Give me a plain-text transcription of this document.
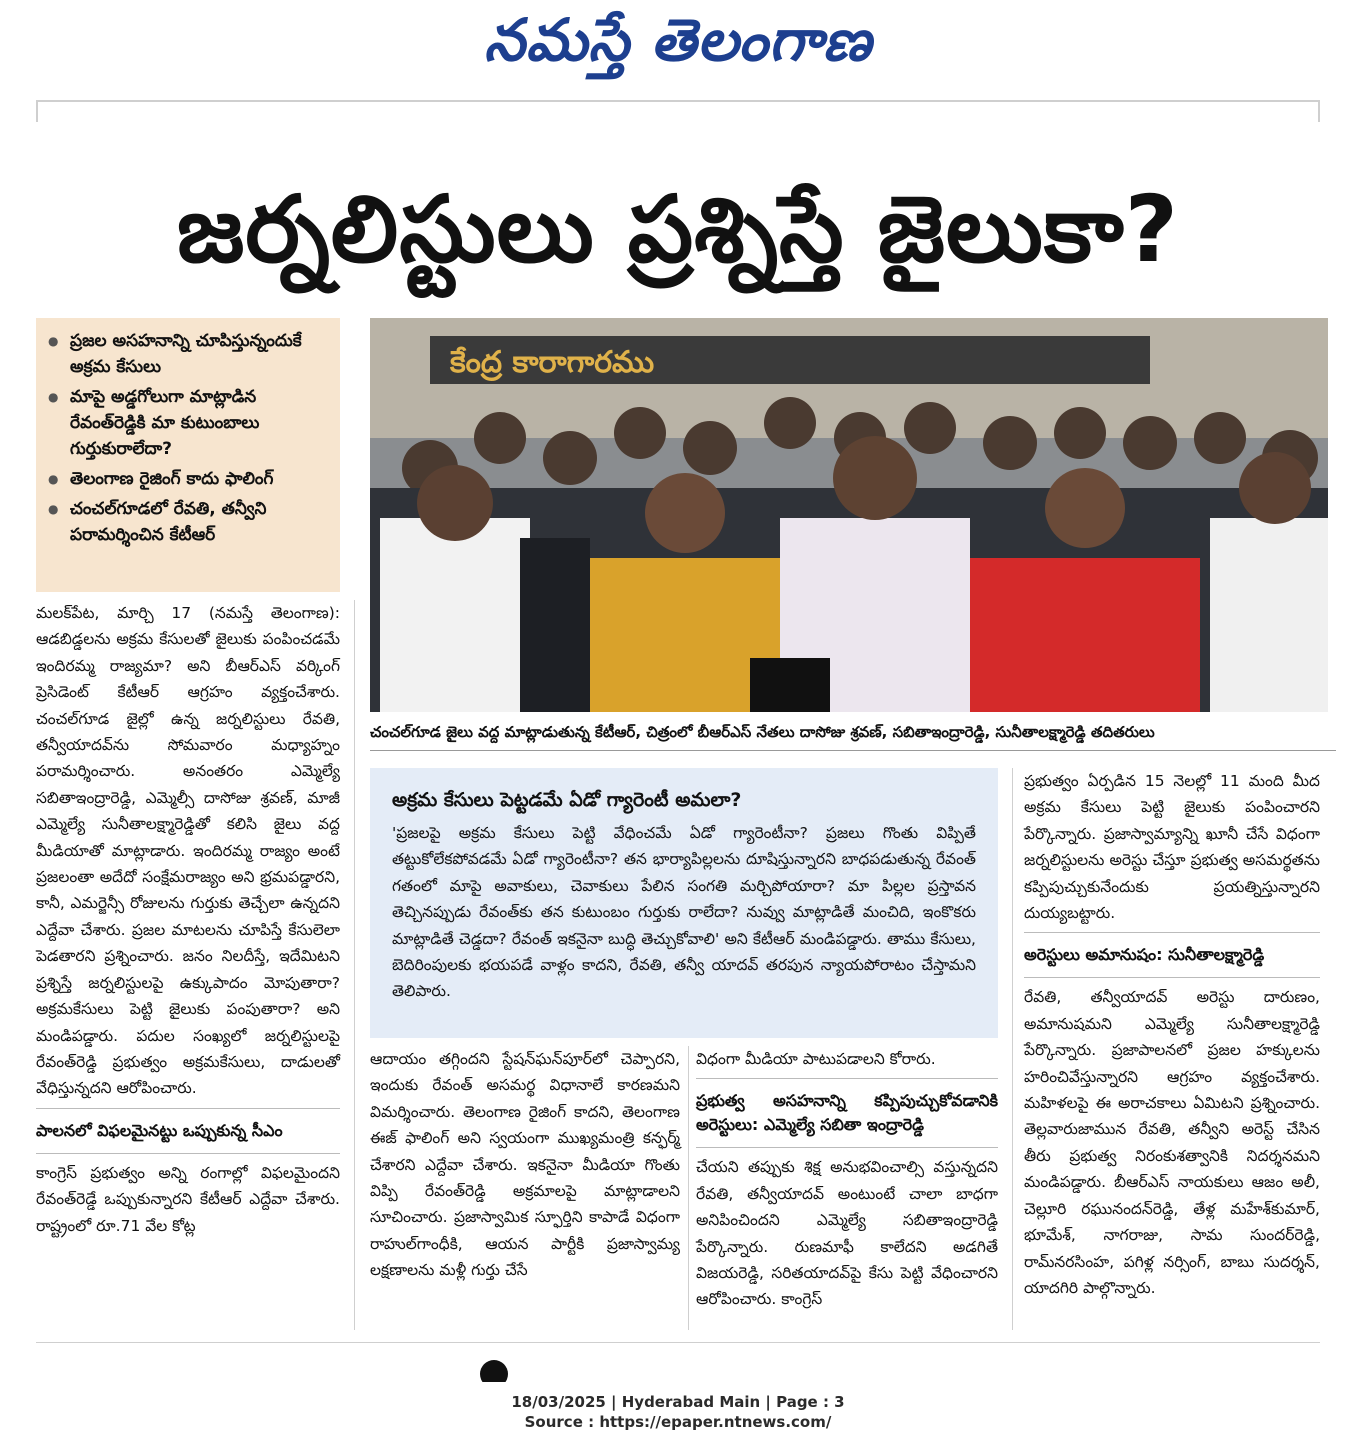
నమస్తే తెలంగాణ
జర్నలిస్టులు ప్రశ్నిస్తే జైలుకా?
● ప్రజల అసహనాన్ని చూపిస్తున్నందుకే అక్రమ కేసులు
● మాపై అడ్డగోలుగా మాట్లాడిన రేవంత్‌రెడ్డికి మా కుటుంబాలు గుర్తుకురాలేదా?
● తెలంగాణ రైజింగ్ కాదు ఫాలింగ్
● చంచల్‌గూడలో రేవతి, తన్వీని పరామర్శించిన కేటీఆర్
కేంద్ర కారాగారము
చంచల్‌గూడ జైలు వద్ద మాట్లాడుతున్న కేటీఆర్, చిత్రంలో బీఆర్‌ఎస్ నేతలు దాసోజు శ్రవణ్, సబితాఇంద్రారెడ్డి, సునీతాలక్ష్మారెడ్డి తదితరులు
మలక్‌పేట, మార్చి 17 (నమస్తే తెలంగాణ): ఆడబిడ్డలను అక్రమ కేసులతో జైలుకు పంపించడమే ఇందిరమ్మ రాజ్యమా? అని బీఆర్‌ఎస్ వర్కింగ్ ప్రెసిడెంట్ కేటీఆర్ ఆగ్రహం వ్యక్తంచేశారు. చంచల్‌గూడ జైల్లో ఉన్న జర్నలిస్టులు రేవతి, తన్వీయాదవ్‌ను సోమవారం మధ్యాహ్నం పరామర్శించారు. అనంతరం ఎమ్మెల్యే సబితాఇంద్రారెడ్డి, ఎమ్మెల్సీ దాసోజు శ్రవణ్, మాజీ ఎమ్మెల్యే సునీతాలక్ష్మారెడ్డితో కలిసి జైలు వద్ద మీడియాతో మాట్లాడారు. ఇందిరమ్మ రాజ్యం అంటే ప్రజలంతా అదేదో సంక్షేమరాజ్యం అని భ్రమపడ్డారని, కానీ, ఎమర్జెన్సీ రోజులను గుర్తుకు తెచ్చేలా ఉన్నదని ఎద్దేవా చేశారు. ప్రజల మాటలను చూపిస్తే కేసులెలా పెడతారని ప్రశ్నించారు. జనం నిలదీస్తే, ఇదేమిటని ప్రశ్నిస్తే జర్నలిస్టులపై ఉక్కుపాదం మోపుతారా? అక్రమకేసులు పెట్టి జైలుకు పంపుతారా? అని మండిపడ్డారు. పదుల సంఖ్యలో జర్నలిస్టులపై రేవంత్‌రెడ్డి ప్రభుత్వం అక్రమకేసులు, దాడులతో వేధిస్తున్నదని ఆరోపించారు.
పాలనలో విఫలమైనట్టు ఒప్పుకున్న సీఎం
కాంగ్రెస్ ప్రభుత్వం అన్ని రంగాల్లో విఫలమైందని రేవంత్‌రెడ్డే ఒప్పుకున్నారని కేటీఆర్ ఎద్దేవా చేశారు. రాష్ట్రంలో రూ.71 వేల కోట్ల
అక్రమ కేసులు పెట్టడమే ఏడో గ్యారెంటీ అమలా?
'ప్రజలపై అక్రమ కేసులు పెట్టి వేధించమే ఏడో గ్యారెంటీనా? ప్రజలు గొంతు విప్పితే తట్టుకోలేకపోవడమే ఏడో గ్యారెంటీనా? తన భార్యాపిల్లలను దూషిస్తున్నారని బాధపడుతున్న రేవంత్ గతంలో మాపై అవాకులు, చెవాకులు పేలిన సంగతి మర్చిపోయారా? మా పిల్లల ప్రస్తావన తెచ్చినప్పుడు రేవంత్‌కు తన కుటుంబం గుర్తుకు రాలేదా? నువ్వు మాట్లాడితే మంచిది, ఇంకొకరు మాట్లాడితే చెడ్డదా? రేవంత్ ఇకనైనా బుద్ధి తెచ్చుకోవాలి' అని కేటీఆర్ మండిపడ్డారు. తాము కేసులు, బెదిరింపులకు భయపడే వాళ్లం కాదని, రేవతి, తన్వీ యాదవ్ తరపున న్యాయపోరాటం చేస్తామని తెలిపారు.
ఆదాయం తగ్గిందని స్టేషన్‌ఘన్‌పూర్‌లో చెప్పారని, ఇందుకు రేవంత్ అసమర్థ విధానాలే కారణమని విమర్శించారు. తెలంగాణ రైజింగ్ కాదని, తెలంగాణ ఈజ్ ఫాలింగ్ అని స్వయంగా ముఖ్యమంత్రి కన్ఫర్మ్ చేశారని ఎద్దేవా చేశారు. ఇకనైనా మీడియా గొంతు విప్పి రేవంత్‌రెడ్డి అక్రమాలపై మాట్లాడాలని సూచించారు. ప్రజాస్వామిక స్ఫూర్తిని కాపాడే విధంగా రాహుల్‌గాంధీకి, ఆయన పార్టీకి ప్రజాస్వామ్య లక్షణాలను మళ్లీ గుర్తు చేసే
విధంగా మీడియా పాటుపడాలని కోరారు.
ప్రభుత్వ అసహనాన్ని కప్పిపుచ్చుకోవడానికి అరెస్టులు: ఎమ్మెల్యే సబితా ఇంద్రారెడ్డి
చేయని తప్పుకు శిక్ష అనుభవించాల్సి వస్తున్నదని రేవతి, తన్వీయాదవ్ అంటుంటే చాలా బాధగా అనిపించిందని ఎమ్మెల్యే సబితాఇంద్రారెడ్డి పేర్కొన్నారు. రుణమాఫీ కాలేదని అడగితే విజయరెడ్డి, సరితయాదవ్‌పై కేసు పెట్టి వేధించారని ఆరోపించారు. కాంగ్రెస్
ప్రభుత్వం ఏర్పడిన 15 నెలల్లో 11 మంది మీద అక్రమ కేసులు పెట్టి జైలుకు పంపించారని పేర్కొన్నారు. ప్రజాస్వామ్యాన్ని ఖూనీ చేసే విధంగా జర్నలిస్టులను అరెస్టు చేస్తూ ప్రభుత్వ అసమర్థతను కప్పిపుచ్చుకునేందుకు ప్రయత్నిస్తున్నారని దుయ్యబట్టారు.
అరెస్టులు అమానుషం: సునీతాలక్ష్మారెడ్డి
రేవతి, తన్వీయాదవ్ అరెస్టు దారుణం, అమానుషమని ఎమ్మెల్యే సునీతాలక్ష్మారెడ్డి పేర్కొన్నారు. ప్రజాపాలనలో ప్రజల హక్కులను హరించివేస్తున్నారని ఆగ్రహం వ్యక్తంచేశారు. మహిళలపై ఈ అరాచకాలు ఏమిటని ప్రశ్నించారు. తెల్లవారుజామున రేవతి, తన్వీని అరెస్ట్ చేసిన తీరు ప్రభుత్వ నిరంకుశత్వానికి నిదర్శనమని మండిపడ్డారు. బీఆర్‌ఎస్ నాయకులు ఆజం అలీ, చెల్లూరి రఘునందన్‌రెడ్డి, తేళ్ల మహేశ్‌కుమార్, భూమేశ్, నాగరాజు, సామ సుందర్‌రెడ్డి, రామ్‌నరసింహ, పగిళ్ల నర్సింగ్, బాబు సుదర్శన్, యాదగిరి పాల్గొన్నారు.
18/03/2025 | Hyderabad Main | Page : 3
Source : https://epaper.ntnews.com/
